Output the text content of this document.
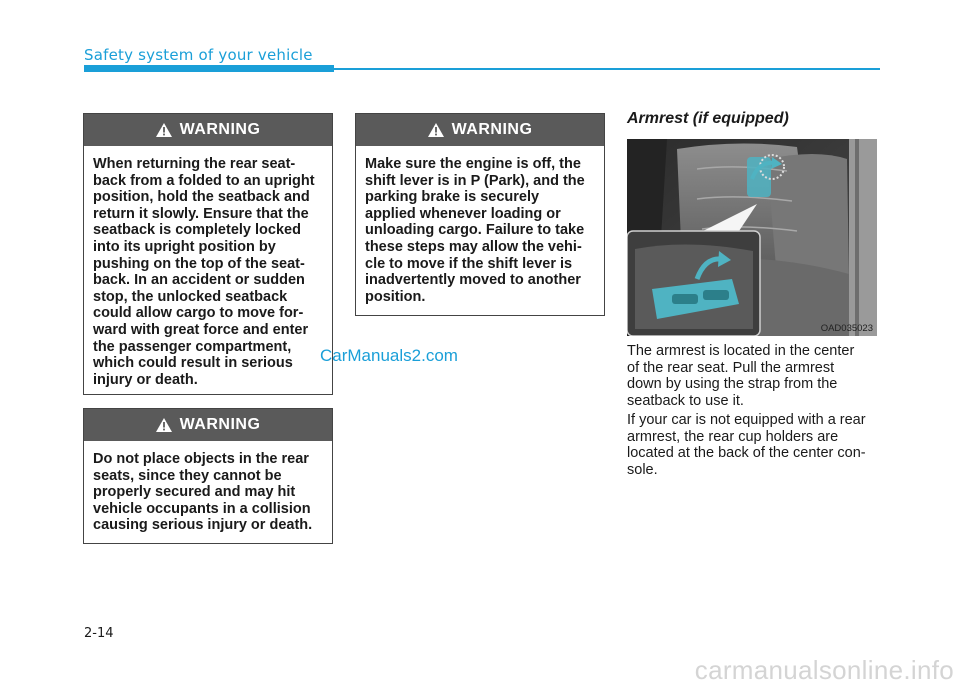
Safety system of your vehicle
WARNING
When returning the rear seat-
back from a folded to an upright
position, hold the seatback and
return it slowly. Ensure that the
seatback is completely locked
into its upright position by
pushing on the top of the seat-
back. In an accident or sudden
stop, the unlocked seatback
could allow cargo to move for-
ward with great force and enter
the passenger compartment,
which could result in serious
injury or death.
WARNING
Do not place objects in the rear
seats, since they cannot be
properly secured and may hit
vehicle occupants in a collision
causing serious injury or death.
WARNING
Make sure the engine is off, the
shift lever is in P (Park), and the
parking brake is securely
applied whenever loading or
unloading cargo. Failure to take
these steps may allow the vehi-
cle to move if the shift lever is
inadvertently moved to another
position.
CarManuals2.com
Armrest (if equipped)
OAD035023
The armrest is located in the center
of the rear seat. Pull the armrest
down by using the strap from the
seatback to use it.
If your car is not equipped with a rear
armrest, the rear cup holders are
located at the back of the center con-
sole.
2-14
carmanualsonline.info
